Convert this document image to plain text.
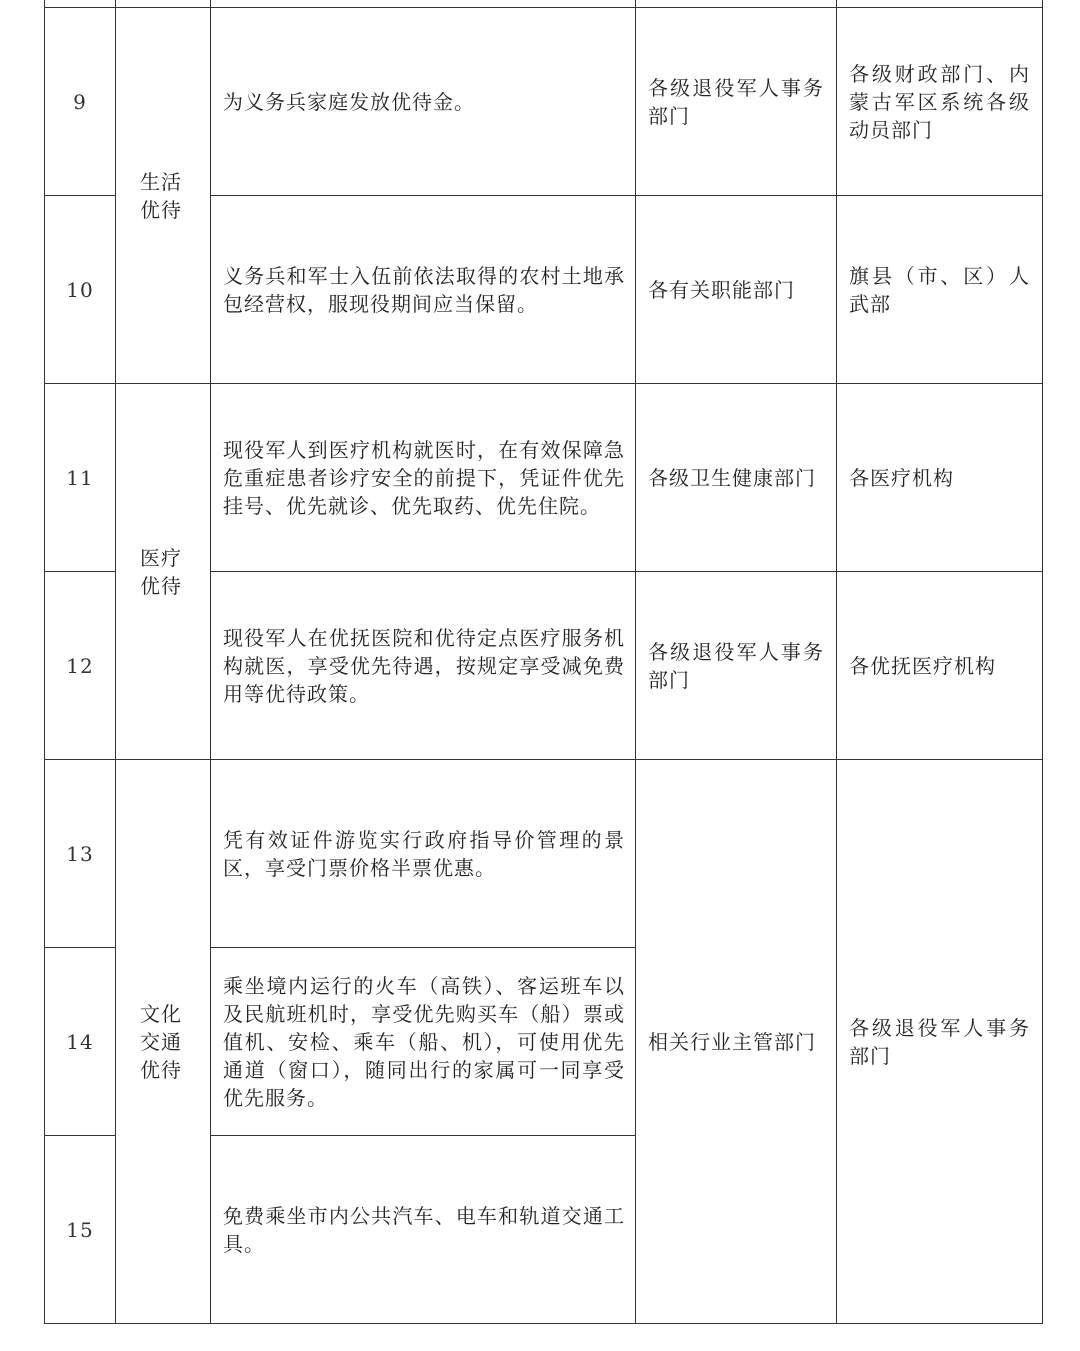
9	生活优待	为义务兵家庭发放优待金。	各级退役军人事务部门	各级财政部门、内蒙古军区系统各级动员部门

10		义务兵和军士入伍前依法取得的农村土地承包经营权，服现役期间应当保留。	各有关职能部门	旗县（市、区）人武部

11	医疗优待	现役军人到医疗机构就医时，在有效保障急危重症患者诊疗安全的前提下，凭证件优先挂号、优先就诊、优先取药、优先住院。	各级卫生健康部门	各医疗机构

12		现役军人在优抚医院和优待定点医疗服务机构就医，享受优先待遇，按规定享受减免费用等优待政策。	各级退役军人事务部门	各优抚医疗机构

13	文化交通优待	凭有效证件游览实行政府指导价管理的景区，享受门票价格半票优惠。	相关行业主管部门	各级退役军人事务部门

14		乘坐境内运行的火车（高铁）、客运班车以及民航班机时，享受优先购买车（船）票或值机、安检、乘车（船、机），可使用优先通道（窗口），随同出行的家属可一同享受优先服务。		

15		免费乘坐市内公共汽车、电车和轨道交通工具。		
